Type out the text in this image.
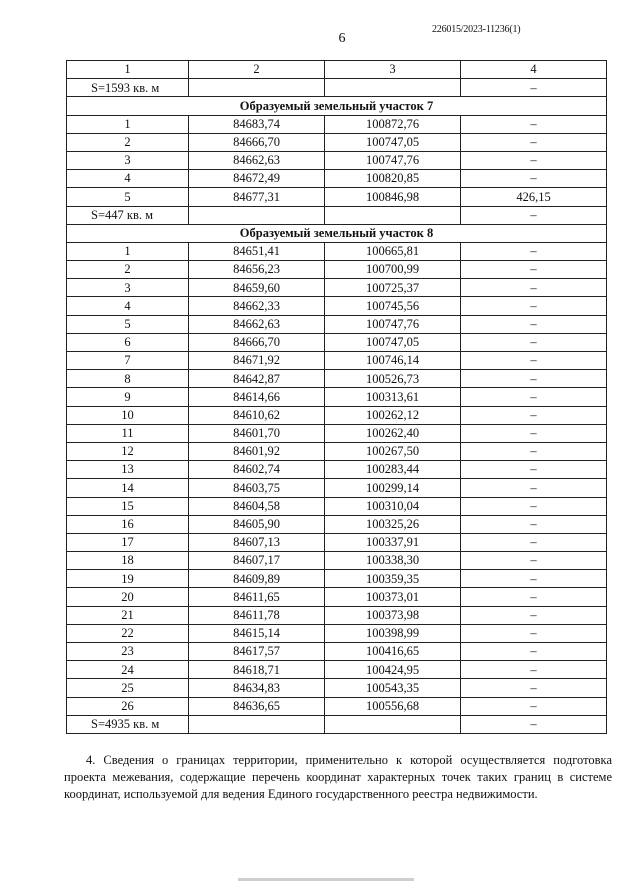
226015/2023-11236(1)
6
1	2	3	4
S=1593 кв. м			–
Образуемый земельный участок 7			
1	84683,74	100872,76	–
2	84666,70	100747,05	–
3	84662,63	100747,76	–
4	84672,49	100820,85	–
5	84677,31	100846,98	426,15
S=447 кв. м			–
Образуемый земельный участок 8			
1	84651,41	100665,81	–
2	84656,23	100700,99	–
3	84659,60	100725,37	–
4	84662,33	100745,56	–
5	84662,63	100747,76	–
6	84666,70	100747,05	–
7	84671,92	100746,14	–
8	84642,87	100526,73	–
9	84614,66	100313,61	–
10	84610,62	100262,12	–
11	84601,70	100262,40	–
12	84601,92	100267,50	–
13	84602,74	100283,44	–
14	84603,75	100299,14	–
15	84604,58	100310,04	–
16	84605,90	100325,26	–
17	84607,13	100337,91	–
18	84607,17	100338,30	–
19	84609,89	100359,35	–
20	84611,65	100373,01	–
21	84611,78	100373,98	–
22	84615,14	100398,99	–
23	84617,57	100416,65	–
24	84618,71	100424,95	–
25	84634,83	100543,35	–
26	84636,65	100556,68	–
S=4935 кв. м			–
4. Сведения о границах территории, применительно к которой осуществляется подготовка проекта межевания, содержащие перечень координат характерных точек таких границ в системе координат, используемой для ведения Единого государственного реестра недвижимости.
